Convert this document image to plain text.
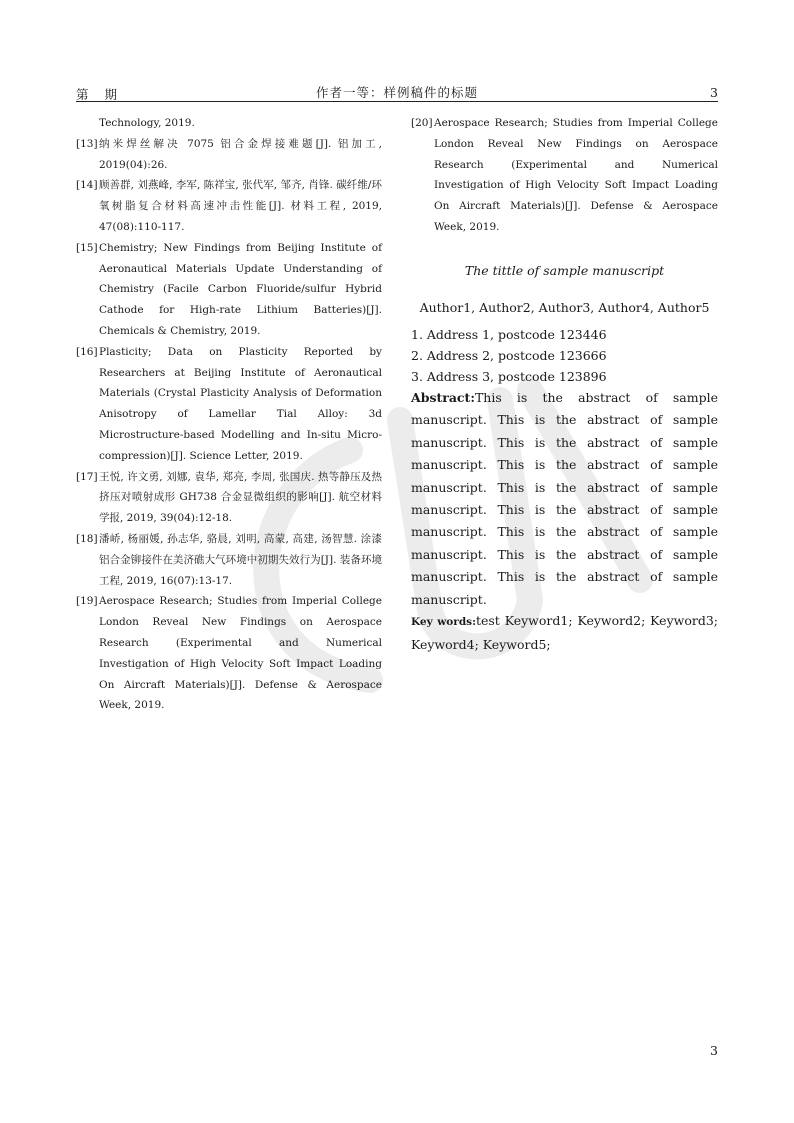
第 期	作者一等：样例稿件的标题	3
Technology, 2019.
[13] 纳米焊丝解决 7075 铝合金焊接难题[J]. 铝加工, 2019(04):26.
[14] 顾善群, 刘燕峰, 李军, 陈祥宝, 张代军, 邹齐, 肖锋. 碳纤维/环氧树脂复合材料高速冲击性能[J]. 材料工程, 2019, 47(08):110-117.
[15] Chemistry; New Findings from Beijing Institute of Aeronautical Materials Update Understanding of Chemistry (Facile Carbon Fluoride/sulfur Hybrid Cathode for High-rate Lithium Batteries)[J]. Chemicals & Chemistry, 2019.
[16] Plasticity; Data on Plasticity Reported by Researchers at Beijing Institute of Aeronautical Materials (Crystal Plasticity Analysis of Deformation Anisotropy of Lamellar Tial Alloy: 3d Microstructure-based Modelling and In-situ Micro-compression)[J]. Science Letter, 2019.
[17] 王悦, 许文勇, 刘娜, 袁华, 郑亮, 李周, 张国庆. 热等静压及热挤压对喷射成形 GH738 合金显微组织的影响[J]. 航空材料学报, 2019, 39(04):12-18.
[18] 潘峤, 杨丽媛, 孙志华, 骆晨, 刘明, 高蒙, 高建, 汤智慧. 涂漆铝合金铆接件在美济礁大气环境中初期失效行为[J]. 装备环境工程, 2019, 16(07):13-17.
[19] Aerospace Research; Studies from Imperial College London Reveal New Findings on Aerospace Research (Experimental and Numerical Investigation of High Velocity Soft Impact Loading On Aircraft Materials)[J]. Defense & Aerospace Week, 2019.
[20] Aerospace Research; Studies from Imperial College London Reveal New Findings on Aerospace Research (Experimental and Numerical Investigation of High Velocity Soft Impact Loading On Aircraft Materials)[J]. Defense & Aerospace Week, 2019.
The tittle of sample manuscript
Author1, Author2, Author3, Author4, Author5
1. Address 1, postcode 123446
2. Address 2, postcode 123666
3. Address 3, postcode 123896
Abstract:This is the abstract of sample manuscript. This is the abstract of sample manuscript. This is the abstract of sample manuscript. This is the abstract of sample manuscript. This is the abstract of sample manuscript. This is the abstract of sample manuscript. This is the abstract of sample manuscript. This is the abstract of sample manuscript. This is the abstract of sample manuscript.
Key words:test Keyword1; Keyword2; Keyword3; Keyword4; Keyword5;
3
